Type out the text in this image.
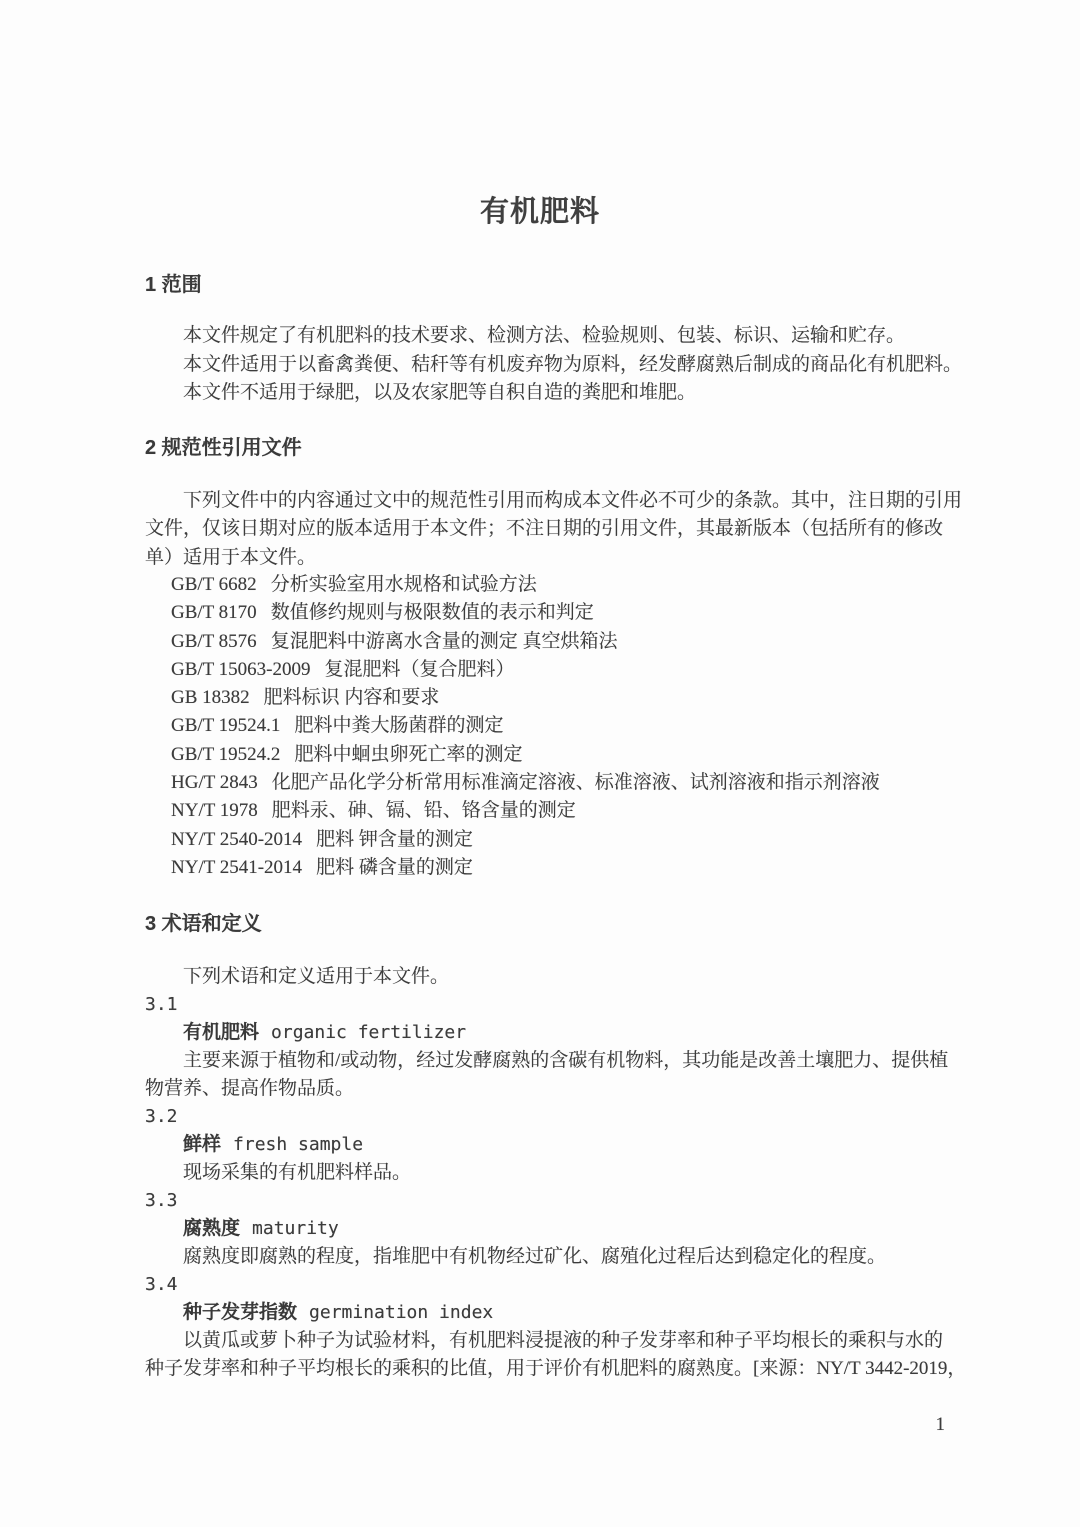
有机肥料
1 范围
本文件规定了有机肥料的技术要求、检测方法、检验规则、包装、标识、运输和贮存。
本文件适用于以畜禽粪便、秸秆等有机废弃物为原料，经发酵腐熟后制成的商品化有机肥料。
本文件不适用于绿肥，以及农家肥等自积自造的粪肥和堆肥。
2 规范性引用文件
下列文件中的内容通过文中的规范性引用而构成本文件必不可少的条款。其中，注日期的引用
文件，仅该日期对应的版本适用于本文件；不注日期的引用文件，其最新版本（包括所有的修改
单）适用于本文件。
GB/T 6682 分析实验室用水规格和试验方法
GB/T 8170 数值修约规则与极限数值的表示和判定
GB/T 8576 复混肥料中游离水含量的测定 真空烘箱法
GB/T 15063-2009 复混肥料（复合肥料）
GB 18382 肥料标识 内容和要求
GB/T 19524.1 肥料中粪大肠菌群的测定
GB/T 19524.2 肥料中蛔虫卵死亡率的测定
HG/T 2843 化肥产品化学分析常用标准滴定溶液、标准溶液、试剂溶液和指示剂溶液
NY/T 1978 肥料汞、砷、镉、铅、铬含量的测定
NY/T 2540-2014 肥料 钾含量的测定
NY/T 2541-2014 肥料 磷含量的测定
3 术语和定义
下列术语和定义适用于本文件。
3.1
有机肥料 organic fertilizer
主要来源于植物和/或动物，经过发酵腐熟的含碳有机物料，其功能是改善土壤肥力、提供植
物营养、提高作物品质。
3.2
鲜样 fresh sample
现场采集的有机肥料样品。
3.3
腐熟度 maturity
腐熟度即腐熟的程度，指堆肥中有机物经过矿化、腐殖化过程后达到稳定化的程度。
3.4
种子发芽指数 germination index
以黄瓜或萝卜种子为试验材料，有机肥料浸提液的种子发芽率和种子平均根长的乘积与水的
种子发芽率和种子平均根长的乘积的比值，用于评价有机肥料的腐熟度。[来源：NY/T 3442-2019，
1
